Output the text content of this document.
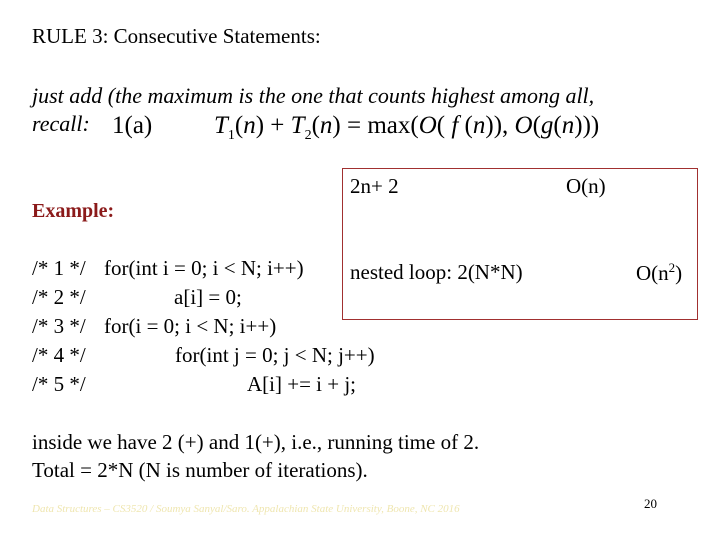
RULE 3: Consecutive Statements:
just add (the maximum is the one that counts highest among all,
recall: 1(a) $T_1(n) + T_2(n) = \max(O$( f (n)), O(g(n)))
Example:
2n+ 2	O(n)
nested loop: 2(N*N)	$O(n^2)$
/* 1 */ for(int i = 0; i < N; i++)
/* 2 */	a[i] = 0;
/* 3 */ for(i = 0; i < N; i++)
/* 4 */	for(int j = 0; j < N; j++)
/* 5 */	A[i] += i + j;
inside we have 2 (+) and 1(+), i.e., running time of 2.
Total = 2*N (N is number of iterations).
Data Structures – CS3520 / Soumya Sanyal/Saro. Appalachian State University, Boone, NC 2016	20
